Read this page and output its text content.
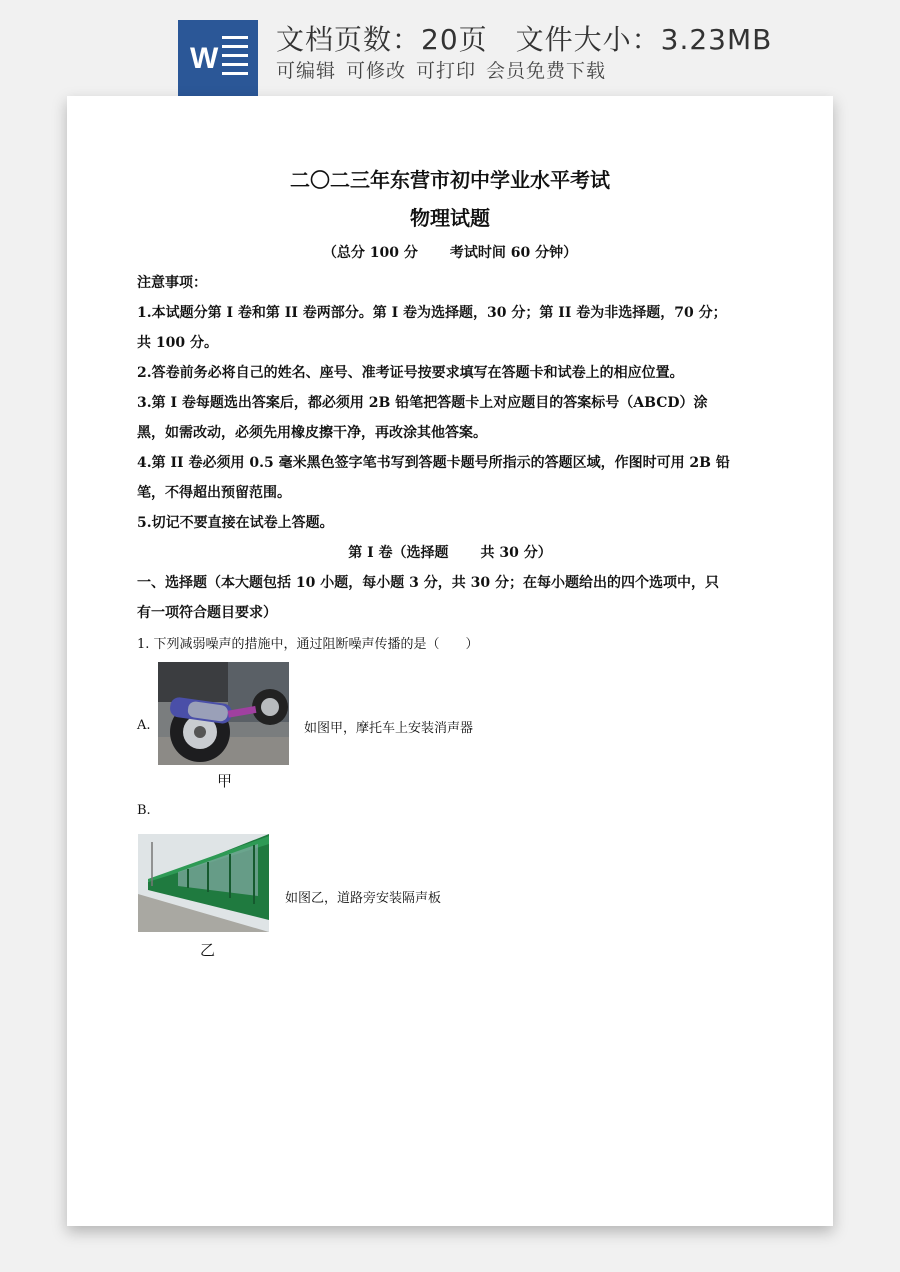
W
文档页数：20页 文件大小：3.23MB
可编辑 可修改 可打印 会员免费下载

二〇二三年东营市初中学业水平考试

物理试题

（总分 100 分 考试时间 60 分钟）

注意事项：

1.本试题分第 I 卷和第 II 卷两部分。第 I 卷为选择题，30 分；第 II 卷为非选择题，70 分；

共 100 分。

2.答卷前务必将自己的姓名、座号、准考证号按要求填写在答题卡和试卷上的相应位置。

3.第 I 卷每题选出答案后，都必须用 2B 铅笔把答题卡上对应题目的答案标号（ABCD）涂

黑，如需改动，必须先用橡皮擦干净，再改涂其他答案。

4.第 II 卷必须用 0.5 毫米黑色签字笔书写到答题卡题号所指示的答题区域，作图时可用 2B 铅

笔，不得超出预留范围。

5.切记不要直接在试卷上答题。

第 I 卷（选择题 共 30 分）

一、选择题（本大题包括 10 小题，每小题 3 分，共 30 分；在每小题给出的四个选项中，只

有一项符合题目要求）

1. 下列减弱噪声的措施中，通过阻断噪声传播的是（　　）

A.	如图甲，摩托车上安装消声器

甲

B.

如图乙，道路旁安装隔声板

乙
